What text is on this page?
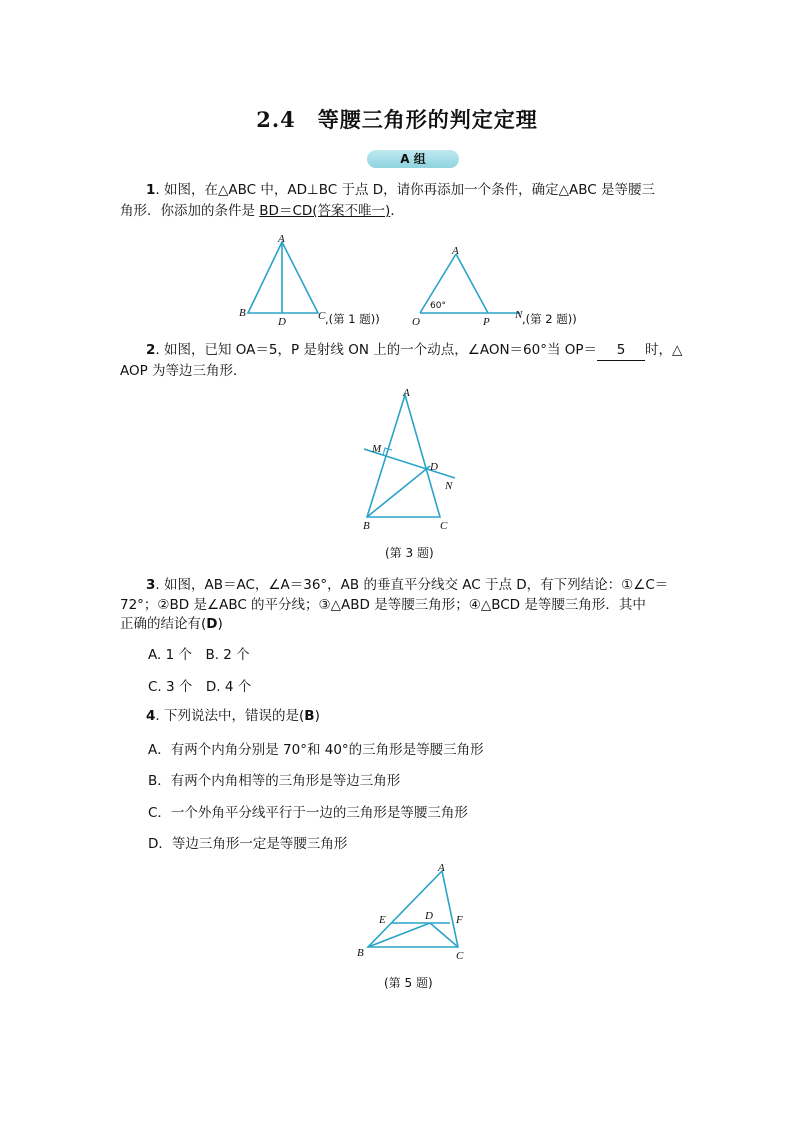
2.4　等腰三角形的判定定理
A 组
1. 如图，在△ABC 中，AD⊥BC 于点 D，请你再添加一个条件，确定△ABC 是等腰三
角形．你添加的条件是 BD＝CD(答案不唯一)．
A
B
D	C ,(第 1 题))
A
O
60°
P
N ,(第 2 题))
2. 如图，已知 OA＝5，P 是射线 ON 上的一个动点，∠AON＝60°当 OP＝ 5 时，△
AOP 为等边三角形．
A
M
D
N
B	C
(第 3 题)
3. 如图，AB＝AC，∠A＝36°，AB 的垂直平分线交 AC 于点 D，有下列结论：①∠C＝
72°；②BD 是∠ABC 的平分线；③△ABD 是等腰三角形；④△BCD 是等腰三角形．其中
正确的结论有(D)
A. 1 个　B. 2 个
C. 3 个　D. 4 个
4. 下列说法中，错误的是(B)
A．有两个内角分别是 70°和 40°的三角形是等腰三角形
B．有两个内角相等的三角形是等边三角形
C．一个外角平分线平行于一边的三角形是等腰三角形
D．等边三角形一定是等腰三角形
A
E	D F
B	C
(第 5 题)
